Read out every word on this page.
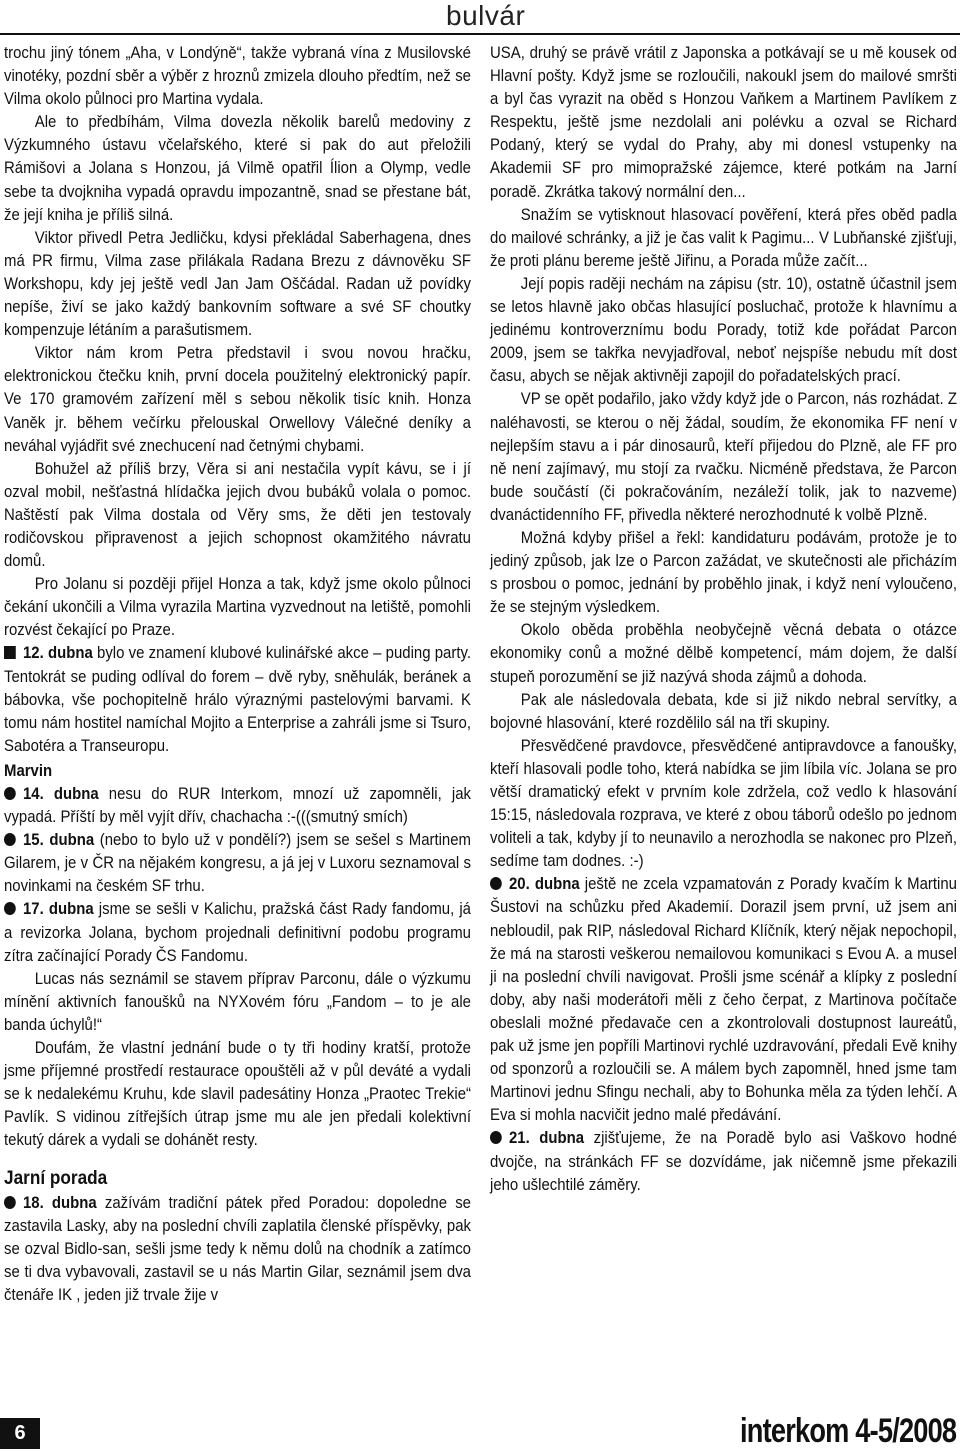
bulvár

trochu jiný tónem „Aha, v Londýně“, takže vybraná vína z Musilovské vinotéky, pozdní sběr a výběr z hroznů zmizela dlouho předtím, než se Vilma okolo půlnoci pro Martina vydala.

Ale to předbíhám, Vilma dovezla několik barelů medoviny z Výzkumného ústavu včelařského, které si pak do aut přeložili Rámišovi a Jolana s Honzou, já Vilmě opatřil Ílion a Olymp, vedle sebe ta dvojkniha vypadá opravdu impozantně, snad se přestane bát, že její kniha je příliš silná.

Viktor přivedl Petra Jedličku, kdysi překládal Saberhagena, dnes má PR firmu, Vilma zase přilákala Radana Brezu z dávnověku SF Workshopu, kdy jej ještě vedl Jan Jam Oščádal. Radan už povídky nepíše, živí se jako každý bankovním software a své SF choutky kompenzuje létáním a parašutismem.

Viktor nám krom Petra představil i svou novou hračku, elektronickou čtečku knih, první docela použitelný elektronický papír. Ve 170 gramovém zařízení měl s sebou několik tisíc knih. Honza Vaněk jr. během večírku přelouskal Orwellovy Válečné deníky a neváhal vyjádřit své znechucení nad četnými chybami.

Bohužel až příliš brzy, Věra si ani nestačila vypít kávu, se i jí ozval mobil, nešťastná hlídačka jejich dvou bubáků volala o pomoc. Naštěstí pak Vilma dostala od Věry sms, že děti jen testovaly rodičovskou připravenost a jejich schopnost okamžitého návratu domů.

Pro Jolanu si později přijel Honza a tak, když jsme okolo půlnoci čekání ukončili a Vilma vyrazila Martina vyzvednout na letiště, pomohli rozvést čekající po Praze.

12. dubna bylo ve znamení klubové kulinářské akce – puding party. Tentokrát se puding odlíval do forem – dvě ryby, sněhulák, beránek a bábovka, vše pochopitelně hrálo výraznými pastelovými barvami. K tomu nám hostitel namíchal Mojito a Enterprise a zahráli jsme si Tsuro, Sabotéra a Transeuropu.

Marvin

14. dubna nesu do RUR Interkom, mnozí už zapomněli, jak vypadá. Příští by měl vyjít dřív, chachacha :-(((smutný smích)

15. dubna (nebo to bylo už v pondělí?) jsem se sešel s Martinem Gilarem, je v ČR na nějakém kongresu, a já jej v Luxoru seznamoval s novinkami na českém SF trhu.

17. dubna jsme se sešli v Kalichu, pražská část Rady fandomu, já a revizorka Jolana, bychom projednali definitivní podobu programu zítra začínající Porady ČS Fandomu.

Lucas nás seznámil se stavem příprav Parconu, dále o výzkumu mínění aktivních fanoušků na NYXovém fóru „Fandom – to je ale banda úchylů!“

Doufám, že vlastní jednání bude o ty tři hodiny kratší, protože jsme příjemné prostředí restaurace opouštěli až v půl deváté a vydali se k nedalekému Kruhu, kde slavil padesátiny Honza „Praotec Trekie“ Pavlík. S vidinou zítřejších útrap jsme mu ale jen předali kolektivní tekutý dárek a vydali se dohánět resty.

Jarní porada

18. dubna zažívám tradiční pátek před Poradou: dopoledne se zastavila Lasky, aby na poslední chvíli zaplatila členské příspěvky, pak se ozval Bidlo-san, sešli jsme tedy k němu dolů na chodník a zatímco se ti dva vybavovali, zastavil se u nás Martin Gilar, seznámil jsem dva čtenáře IK , jeden již trvale žije v

USA, druhý se právě vrátil z Japonska a potkávají se u mě kousek od Hlavní pošty. Když jsme se rozloučili, nakoukl jsem do mailové smršti a byl čas vyrazit na oběd s Honzou Vaňkem a Martinem Pavlíkem z Respektu, ještě jsme nezdolali ani polévku a ozval se Richard Podaný, který se vydal do Prahy, aby mi donesl vstupenky na Akademii SF pro mimopražské zájemce, které potkám na Jarní poradě. Zkrátka takový normální den...

Snažím se vytisknout hlasovací pověření, která přes oběd padla do mailové schránky, a již je čas valit k Pagimu... V Lubňanské zjišťuji, že proti plánu bereme ještě Jiřinu, a Porada může začít...

Její popis raději nechám na zápisu (str. 10), ostatně účastnil jsem se letos hlavně jako občas hlasující posluchač, protože k hlavnímu a jedinému kontroverznímu bodu Porady, totiž kde pořádat Parcon 2009, jsem se takřka nevyjadřoval, neboť nejspíše nebudu mít dost času, abych se nějak aktivněji zapojil do pořadatelských prací.

VP se opět podařilo, jako vždy když jde o Parcon, nás rozhádat. Z naléhavosti, se kterou o něj žádal, soudím, že ekonomika FF není v nejlepším stavu a i pár dinosaurů, kteří přijedou do Plzně, ale FF pro ně není zajímavý, mu stojí za rvačku. Nicméně představa, že Parcon bude součástí (či pokračováním, nezáleží tolik, jak to nazveme) dvanáctidenního FF, přivedla některé nerozhodnuté k volbě Plzně.

Možná kdyby přišel a řekl: kandidaturu podávám, protože je to jediný způsob, jak lze o Parcon zažádat, ve skutečnosti ale přicházím s prosbou o pomoc, jednání by proběhlo jinak, i když není vyloučeno, že se stejným výsledkem.

Okolo oběda proběhla neobyčejně věcná debata o otázce ekonomiky conů a možné dělbě kompetencí, mám dojem, že další stupeň porozumění se již nazývá shoda zájmů a dohoda.

Pak ale následovala debata, kde si již nikdo nebral servítky, a bojovné hlasování, které rozdělilo sál na tři skupiny.

Přesvědčené pravdovce, přesvědčené antipravdovce a fanoušky, kteří hlasovali podle toho, která nabídka se jim líbila víc. Jolana se pro větší dramatický efekt v prvním kole zdržela, což vedlo k hlasování 15:15, následovala rozprava, ve které z obou táborů odešlo po jednom voliteli a tak, kdyby jí to neunavilo a nerozhodla se nakonec pro Plzeň, sedíme tam dodnes. :-)

20. dubna ještě ne zcela vzpamatován z Porady kvačím k Martinu Šustovi na schůzku před Akademií. Dorazil jsem první, už jsem ani nebloudil, pak RIP, následoval Richard Klíčník, který nějak nepochopil, že má na starosti veškerou nemailovou komunikaci s Evou A. a musel ji na poslední chvíli navigovat. Prošli jsme scénář a klípky z poslední doby, aby naši moderátoři měli z čeho čerpat, z Martinova počítače obeslali možné předavače cen a zkontrolovali dostupnost laureátů, pak už jsme jen popříli Martinovi rychlé uzdravování, předali Evě knihy od sponzorů a rozloučili se. A málem bych zapomněl, hned jsme tam Martinovi jednu Sfingu nechali, aby to Bohunka měla za týden lehčí. A Eva si mohla nacvičit jedno malé předávání.

21. dubna zjišťujeme, že na Poradě bylo asi Vaškovo hodné dvojče, na stránkách FF se dozvídáme, jak ničemně jsme překazili jeho ušlechtilé záměry.

6	interkom 4-5/2008
